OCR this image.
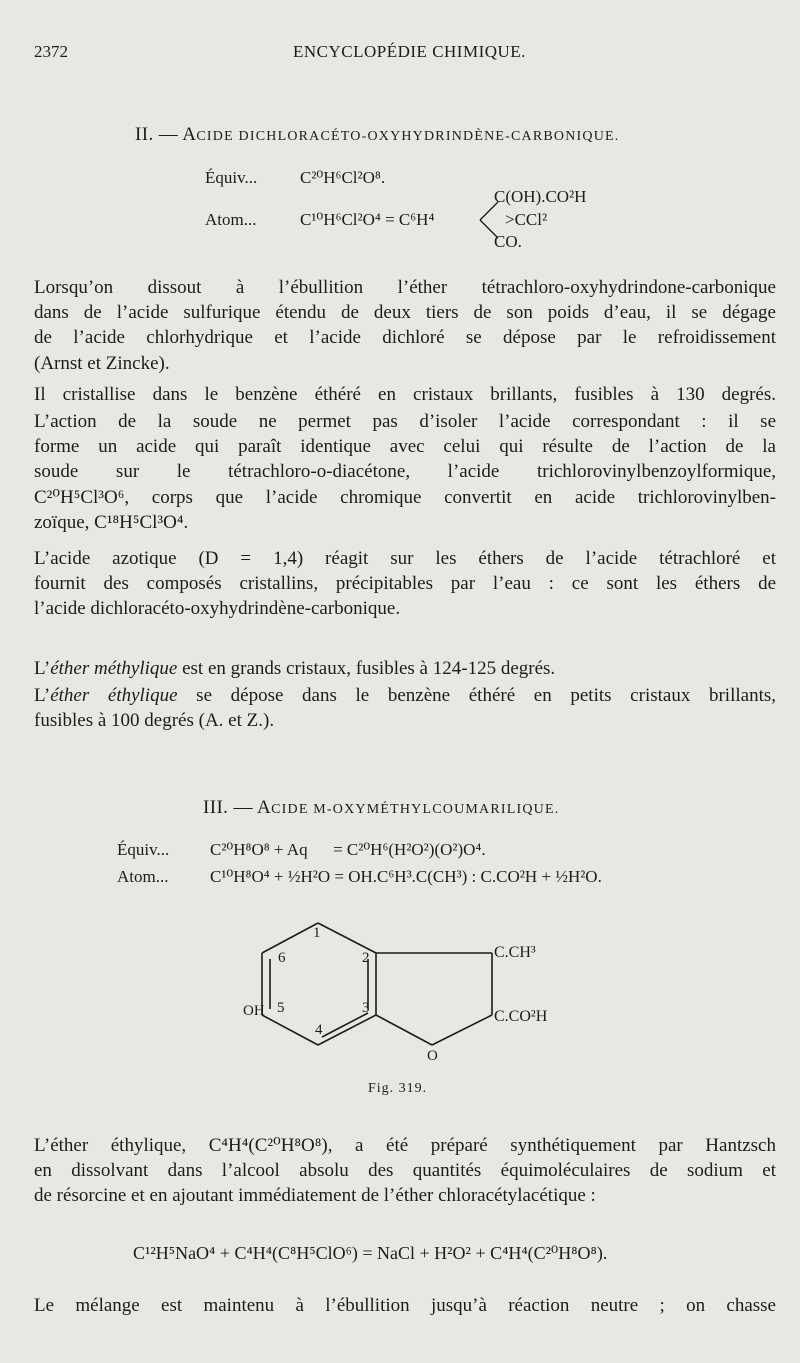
2372	ENCYCLOPÉDIE CHIMIQUE.
II. — ACIDE DICHLORACÉTO-OXYHYDRINDÈNE-CARBONIQUE.
Équiv...	C²⁰H⁶Cl²O⁸.
Atom...	C¹⁰H⁶Cl²O⁴ = C⁶H⁴
C(OH).CO²H
>CCl²
CO.
Lorsqu’on dissout à l’ébullition l’éther tétrachloro-oxyhydrindone-carbonique
dans de l’acide sulfurique étendu de deux tiers de son poids d’eau, il se dégage
de l’acide chlorhydrique et l’acide dichloré se dépose par le refroidissement
(Arnst et Zincke).
Il cristallise dans le benzène éthéré en cristaux brillants, fusibles à 130 degrés.
L’action de la soude ne permet pas d’isoler l’acide correspondant : il se
forme un acide qui paraît identique avec celui qui résulte de l’action de la
soude sur le tétrachloro-o-diacétone, l’acide trichlorovinylbenzoylformique,
C²⁰H⁵Cl³O⁶, corps que l’acide chromique convertit en acide trichlorovinylben-
zoïque, C¹⁸H⁵Cl³O⁴.
L’acide azotique (D = 1,4) réagit sur les éthers de l’acide tétrachloré et
fournit des composés cristallins, précipitables par l’eau : ce sont les éthers de
l’acide dichloracéto-oxyhydrindène-carbonique.
L’éther méthylique est en grands cristaux, fusibles à 124-125 degrés.
L’éther éthylique se dépose dans le benzène éthéré en petits cristaux brillants,
fusibles à 100 degrés (A. et Z.).
III. — ACIDE M-OXYMÉTHYLCOUMARILIQUE.
Équiv... C²⁰H⁸O⁸ + Aq      = C²⁰H⁶(H²O²)(O²)O⁴.
Atom... C¹⁰H⁸O⁴ + ½H²O = OH.C⁶H³.C(CH³) : C.CO²H + ½H²O.
1
2
3
4
5
6
OH
O
C.CH³
C.CO²H
Fig. 319.
L’éther éthylique, C⁴H⁴(C²⁰H⁸O⁸), a été préparé synthétiquement par Hantzsch
en dissolvant dans l’alcool absolu des quantités équimoléculaires de sodium et
de résorcine et en ajoutant immédiatement de l’éther chloracétylacétique :
C¹²H⁵NaO⁴ + C⁴H⁴(C⁸H⁵ClO⁶) = NaCl + H²O² + C⁴H⁴(C²⁰H⁸O⁸).
Le mélange est maintenu à l’ébullition jusqu’à réaction neutre ; on chasse
